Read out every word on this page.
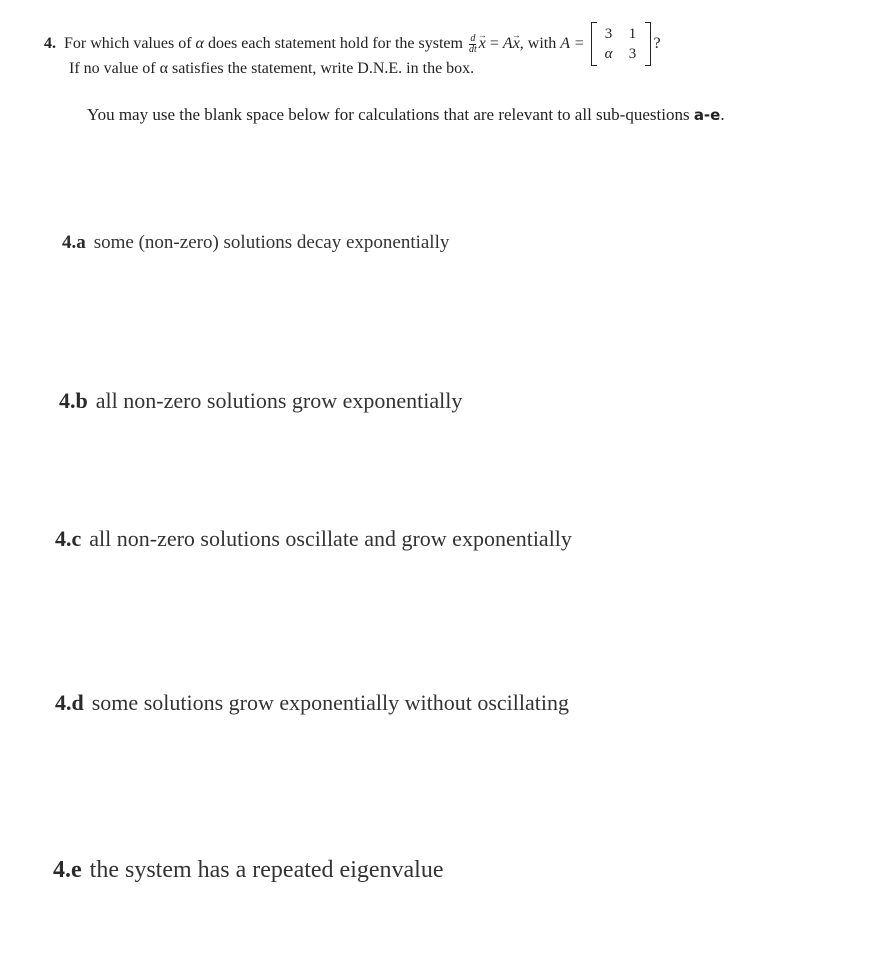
4. For which values of
α
does each statement hold for the system
$\frac{d}{dt}$
→ x
=
A
→ x , with
A =
3	1
α	3
?
If no value of α satisfies the statement, write D.N.E. in the box.
You may use the blank space below for calculations that are relevant to all sub-questions a-e.
4.a some (non-zero) solutions decay exponentially
4.b all non-zero solutions grow exponentially
4.c all non-zero solutions oscillate and grow exponentially
4.d some solutions grow exponentially without oscillating
4.e the system has a repeated eigenvalue
